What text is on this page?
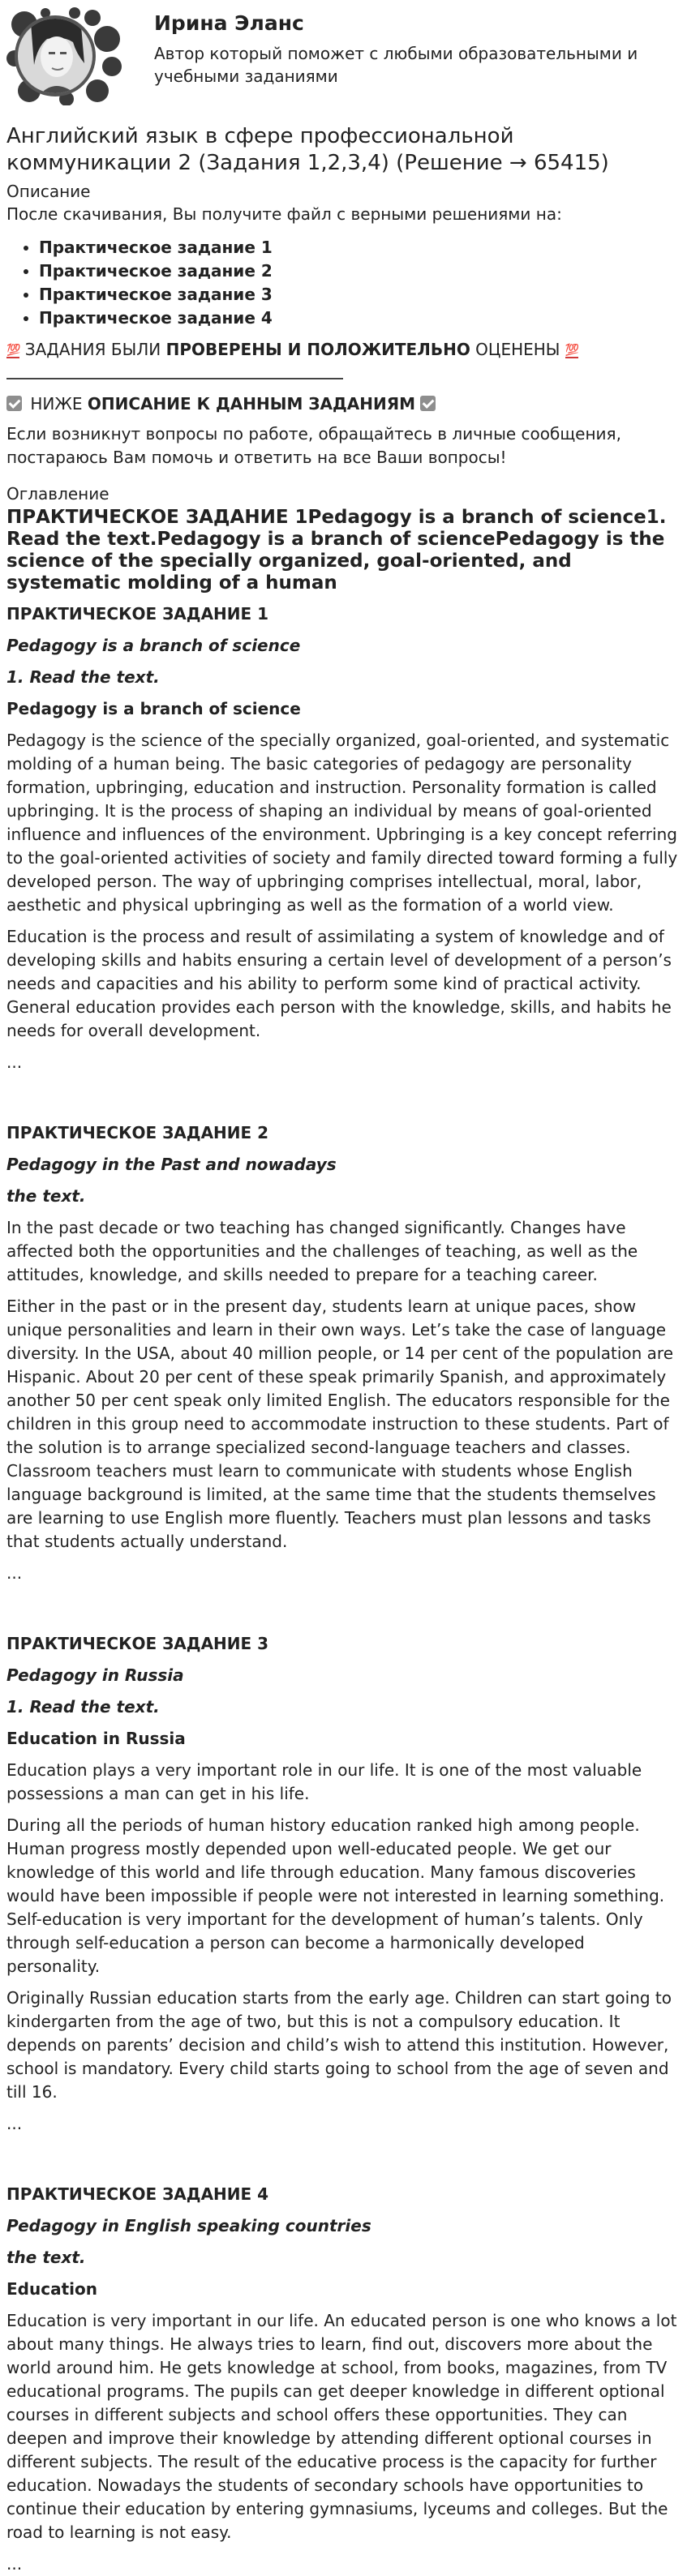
Ирина Эланс
Автор который поможет с любыми образовательными и учебными заданиями
Английский язык в сфере профессиональной коммуникации 2 (Задания 1,2,3,4) (Решение → 65415)

Описание

После скачивания, Вы получите файл с верными решениями на:

• Практическое задание 1
• Практическое задание 2
• Практическое задание 3
• Практическое задание 4

💯 ЗАДАНИЯ БЫЛИ ПРОВЕРЕНЫ И ПОЛОЖИТЕЛЬНО ОЦЕНЕНЫ 💯

НИЖЕ ОПИСАНИЕ К ДАННЫМ ЗАДАНИЯМ

Если возникнут вопросы по работе, обращайтесь в личные сообщения, постараюсь Вам помочь и ответить на все Ваши вопросы!

Оглавление

ПРАКТИЧЕСКОЕ ЗАДАНИЕ 1Pedagogy is a branch of science1. Read the text.Pedagogy is a branch of sciencePedagogy is the science of the specially organized, goal-oriented, and systematic molding of a human

ПРАКТИЧЕСКОЕ ЗАДАНИЕ 1

Pedagogy is a branch of science

1. Read the text.

Pedagogy is a branch of science

Pedagogy is the science of the specially organized, goal-oriented, and systematic molding of a human being. The basic categories of pedagogy are personality formation, upbringing, education and instruction. Personality formation is called upbringing. It is the process of shaping an individual by means of goal-oriented influence and influences of the environment. Upbringing is a key concept referring to the goal-oriented activities of society and family directed toward forming a fully developed person. The way of upbringing comprises intellectual, moral, labor, aesthetic and physical upbringing as well as the formation of a world view.

Education is the process and result of assimilating a system of knowledge and of developing skills and habits ensuring a certain level of development of a person’s needs and capacities and his ability to perform some kind of practical activity. General education provides each person with the knowledge, skills, and habits he needs for overall development.

...

ПРАКТИЧЕСКОЕ ЗАДАНИЕ 2

Pedagogy in the Past and nowadays

the text.

In the past decade or two teaching has changed significantly. Changes have affected both the opportunities and the challenges of teaching, as well as the attitudes, knowledge, and skills needed to prepare for a teaching career.

Either in the past or in the present day, students learn at unique paces, show unique personalities and learn in their own ways. Let’s take the case of language diversity. In the USA, about 40 million people, or 14 per cent of the population are Hispanic. About 20 per cent of these speak primarily Spanish, and approximately another 50 per cent speak only limited English. The educators responsible for the children in this group need to accommodate instruction to these students. Part of the solution is to arrange specialized second-language teachers and classes. Classroom teachers must learn to communicate with students whose English language background is limited, at the same time that the students themselves are learning to use English more fluently. Teachers must plan lessons and tasks that students actually understand.

...

ПРАКТИЧЕСКОЕ ЗАДАНИЕ 3

Pedagogy in Russia

1. Read the text.

Education in Russia

Education plays a very important role in our life. It is one of the most valuable possessions a man can get in his life.

During all the periods of human history education ranked high among people. Human progress mostly depended upon well-educated people. We get our knowledge of this world and life through education. Many famous discoveries would have been impossible if people were not interested in learning something. Self-education is very important for the development of human’s talents. Only through self-education a person can become a harmonically developed personality.

Originally Russian education starts from the early age. Children can start going to kindergarten from the age of two, but this is not a compulsory education. It depends on parents’ decision and child’s wish to attend this institution. However, school is mandatory. Every child starts going to school from the age of seven and till 16.

...

ПРАКТИЧЕСКОЕ ЗАДАНИЕ 4

Pedagogy in English speaking countries

the text.

Education

Education is very important in our life. An educated person is one who knows a lot about many things. He always tries to learn, find out, discovers more about the world around him. He gets knowledge at school, from books, magazines, from TV educational programs. The pupils can get deeper knowledge in different optional courses in different subjects and school offers these opportunities. They can deepen and improve their knowledge by attending different optional courses in different subjects. The result of the educative process is the capacity for further education. Nowadays the students of secondary schools have opportunities to continue their education by entering gymnasiums, lyceums and colleges. But the road to learning is not easy.

...
